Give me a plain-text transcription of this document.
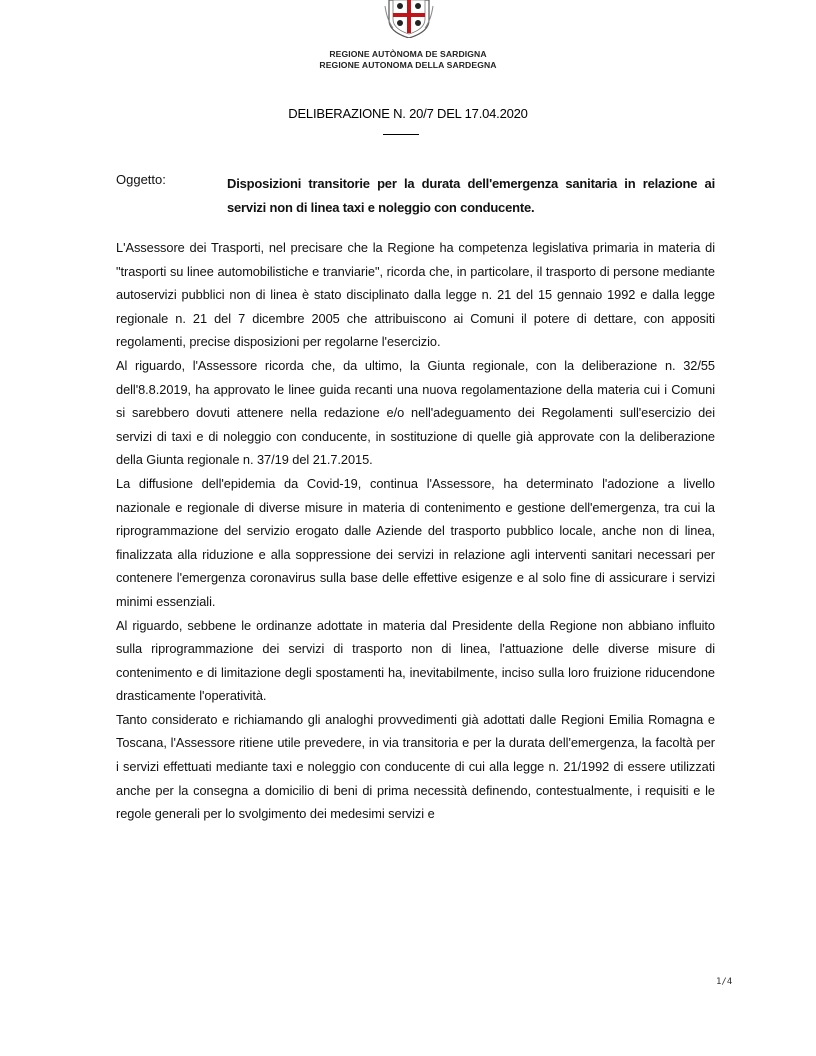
REGIONE AUTÒNOMA DE SARDIGNA
REGIONE AUTONOMA DELLA SARDEGNA
DELIBERAZIONE N. 20/7 DEL 17.04.2020
Oggetto:	Disposizioni transitorie per la durata dell'emergenza sanitaria in relazione ai servizi non di linea taxi e noleggio con conducente.

L'Assessore dei Trasporti, nel precisare che la Regione ha competenza legislativa primaria in materia di "trasporti su linee automobilistiche e tranviarie", ricorda che, in particolare, il trasporto di persone mediante autoservizi pubblici non di linea è stato disciplinato dalla legge n. 21 del 15 gennaio 1992 e dalla legge regionale n. 21 del 7 dicembre 2005 che attribuiscono ai Comuni il potere di dettare, con appositi regolamenti, precise disposizioni per regolarne l'esercizio.

Al riguardo, l'Assessore ricorda che, da ultimo, la Giunta regionale, con la deliberazione n. 32/55 dell'8.8.2019, ha approvato le linee guida recanti una nuova regolamentazione della materia cui i Comuni si sarebbero dovuti attenere nella redazione e/o nell'adeguamento dei Regolamenti sull'esercizio dei servizi di taxi e di noleggio con conducente, in sostituzione di quelle già approvate con la deliberazione della Giunta regionale n. 37/19 del 21.7.2015.

La diffusione dell'epidemia da Covid-19, continua l'Assessore, ha determinato l'adozione a livello nazionale e regionale di diverse misure in materia di contenimento e gestione dell'emergenza, tra cui la riprogrammazione del servizio erogato dalle Aziende del trasporto pubblico locale, anche non di linea, finalizzata alla riduzione e alla soppressione dei servizi in relazione agli interventi sanitari necessari per contenere l'emergenza coronavirus sulla base delle effettive esigenze e al solo fine di assicurare i servizi minimi essenziali.

Al riguardo, sebbene le ordinanze adottate in materia dal Presidente della Regione non abbiano influito sulla riprogrammazione dei servizi di trasporto non di linea, l'attuazione delle diverse misure di contenimento e di limitazione degli spostamenti ha, inevitabilmente, inciso sulla loro fruizione riducendone drasticamente l'operatività.

Tanto considerato e richiamando gli analoghi provvedimenti già adottati dalle Regioni Emilia Romagna e Toscana, l'Assessore ritiene utile prevedere, in via transitoria e per la durata dell'emergenza, la facoltà per i servizi effettuati mediante taxi e noleggio con conducente di cui alla legge n. 21/1992 di essere utilizzati anche per la consegna a domicilio di beni di prima necessità definendo, contestualmente, i requisiti e le regole generali per lo svolgimento dei medesimi servizi e

1/4
